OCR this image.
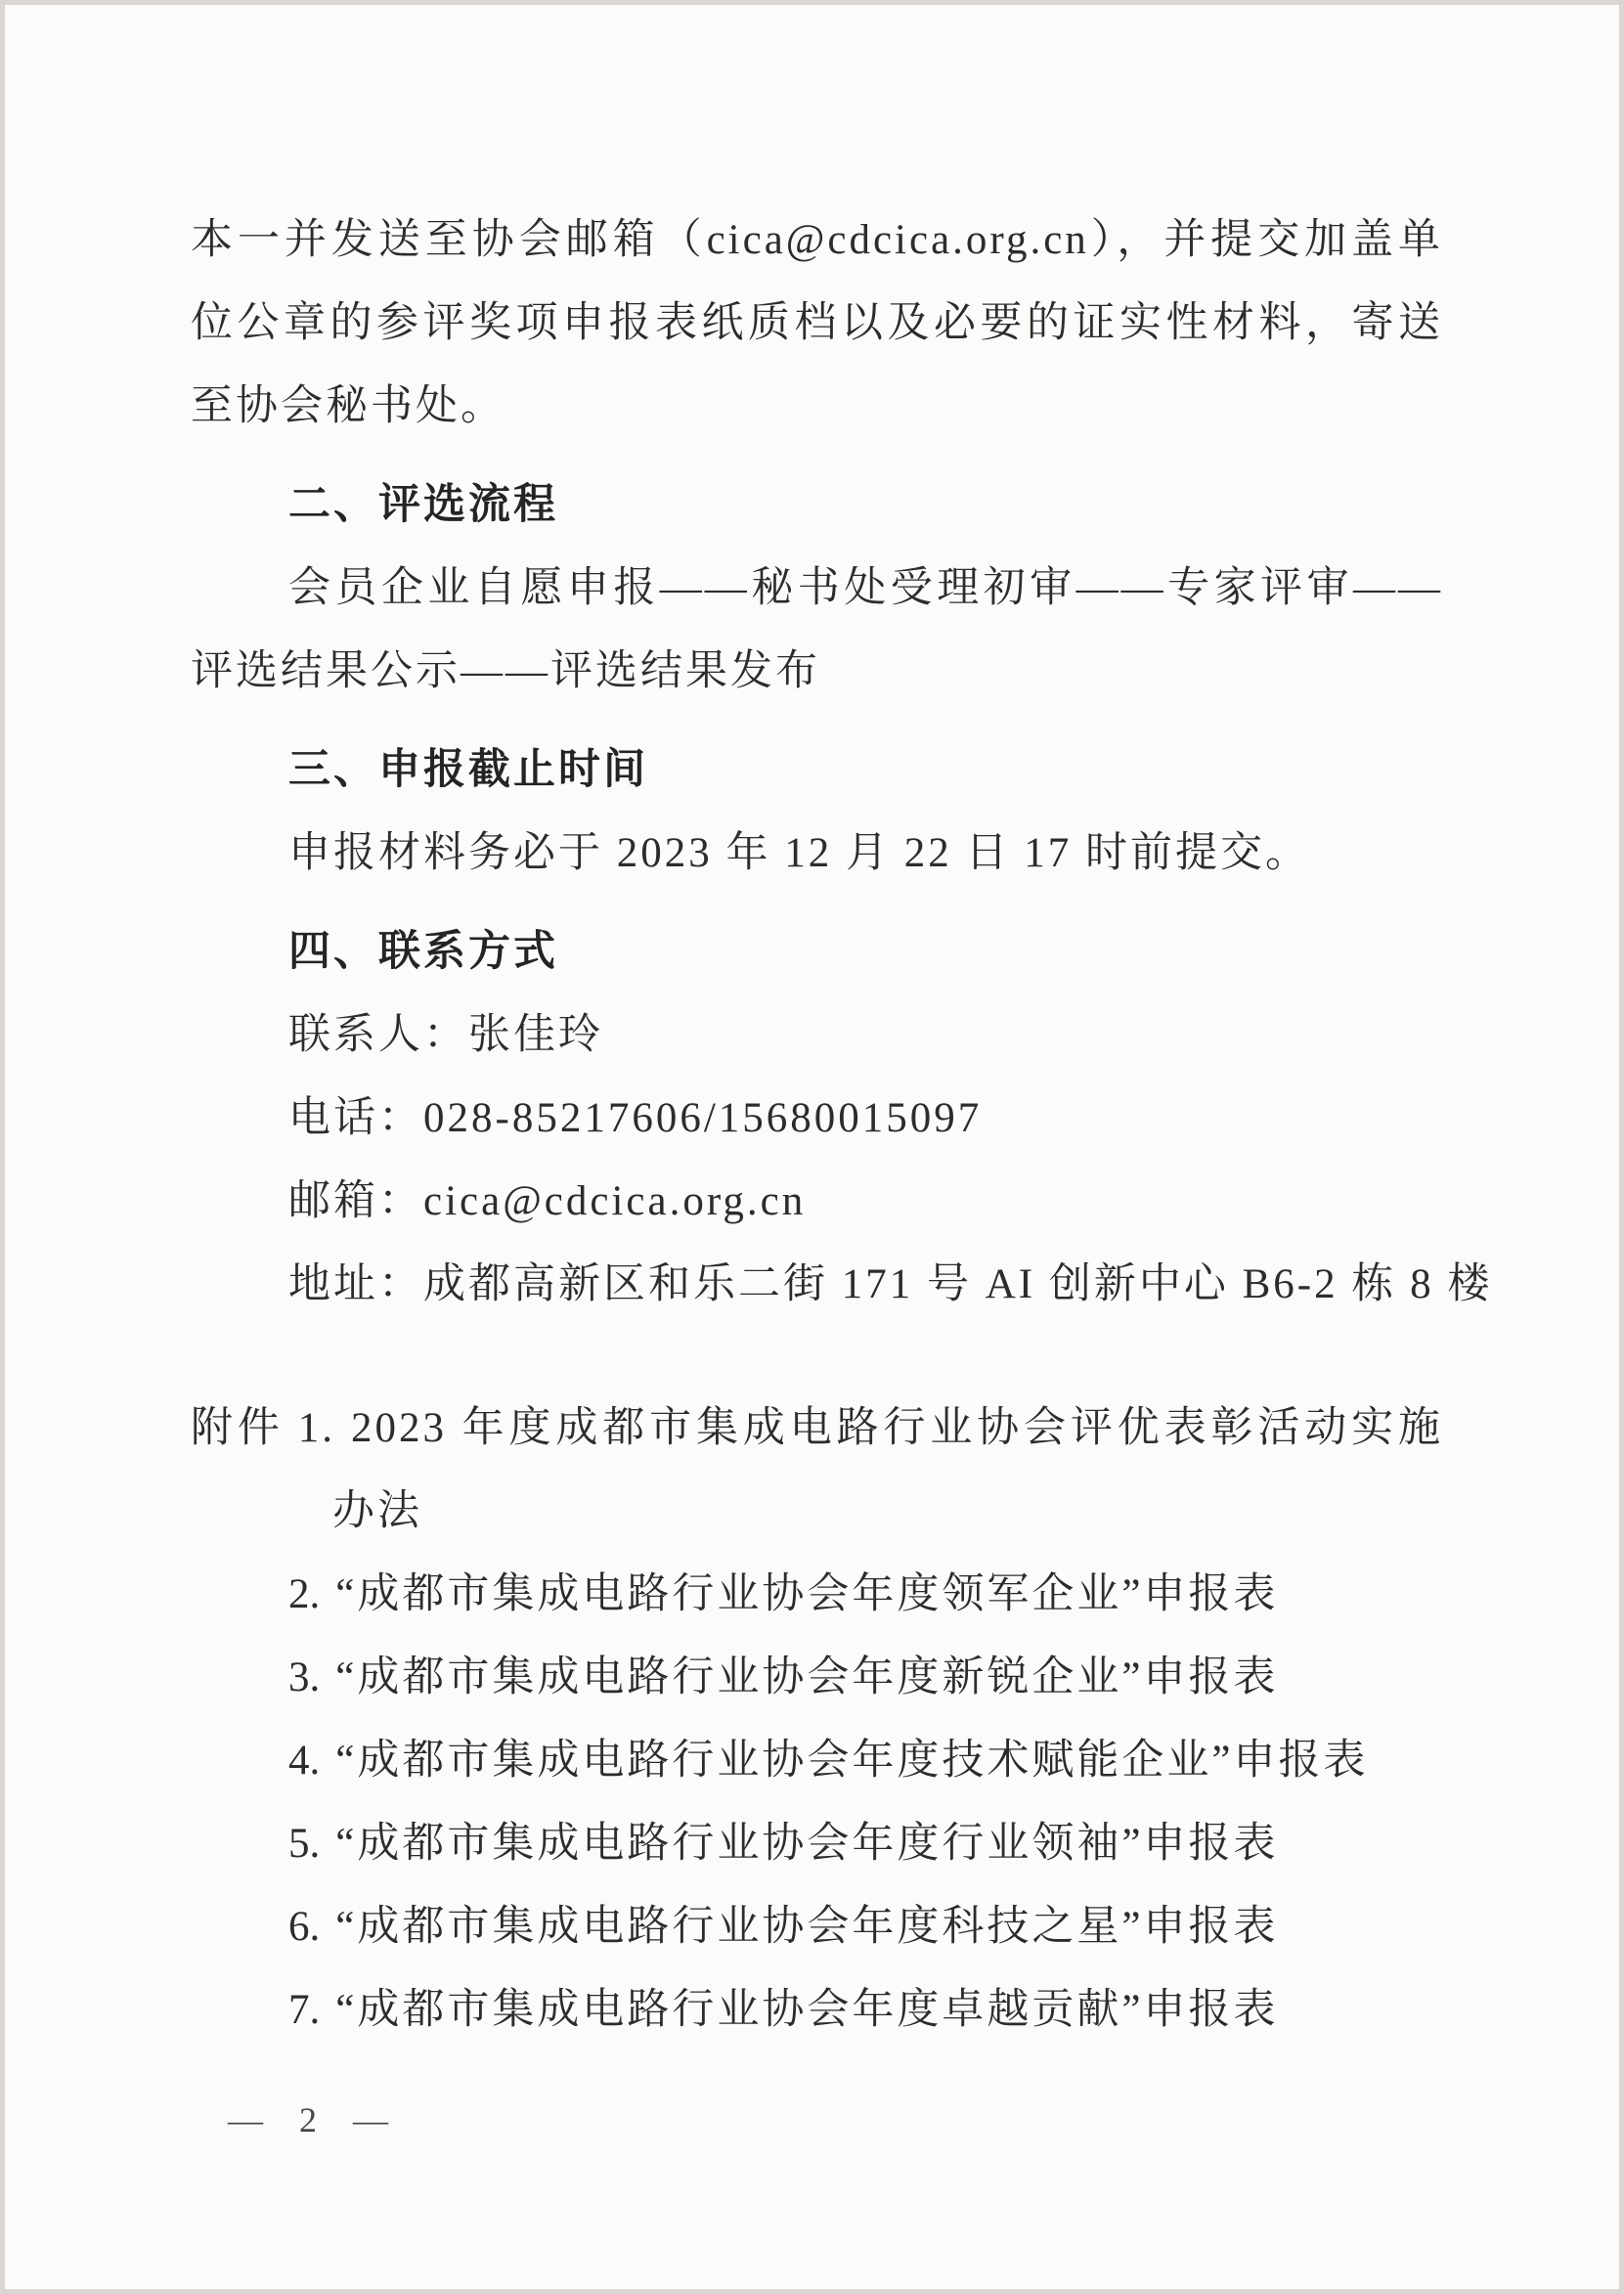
本一并发送至协会邮箱（cica@cdcica.org.cn），并提交加盖单位公章的参评奖项申报表纸质档以及必要的证实性材料，寄送至协会秘书处。

二、评选流程

会员企业自愿申报——秘书处受理初审——专家评审——评选结果公示——评选结果发布

三、申报截止时间

申报材料务必于 2023 年 12 月 22 日 17 时前提交。

四、联系方式
联系人：张佳玲
电话：028-85217606/15680015097
邮箱：cica@cdcica.org.cn
地址：成都高新区和乐二街 171 号 AI 创新中心 B6-2 栋 8 楼
附件 1. 2023 年度成都市集成电路行业协会评优表彰活动实施办法
2. “成都市集成电路行业协会年度领军企业”申报表
3. “成都市集成电路行业协会年度新锐企业”申报表
4. “成都市集成电路行业协会年度技术赋能企业”申报表
5. “成都市集成电路行业协会年度行业领袖”申报表
6. “成都市集成电路行业协会年度科技之星”申报表
7. “成都市集成电路行业协会年度卓越贡献”申报表
— 2 —
